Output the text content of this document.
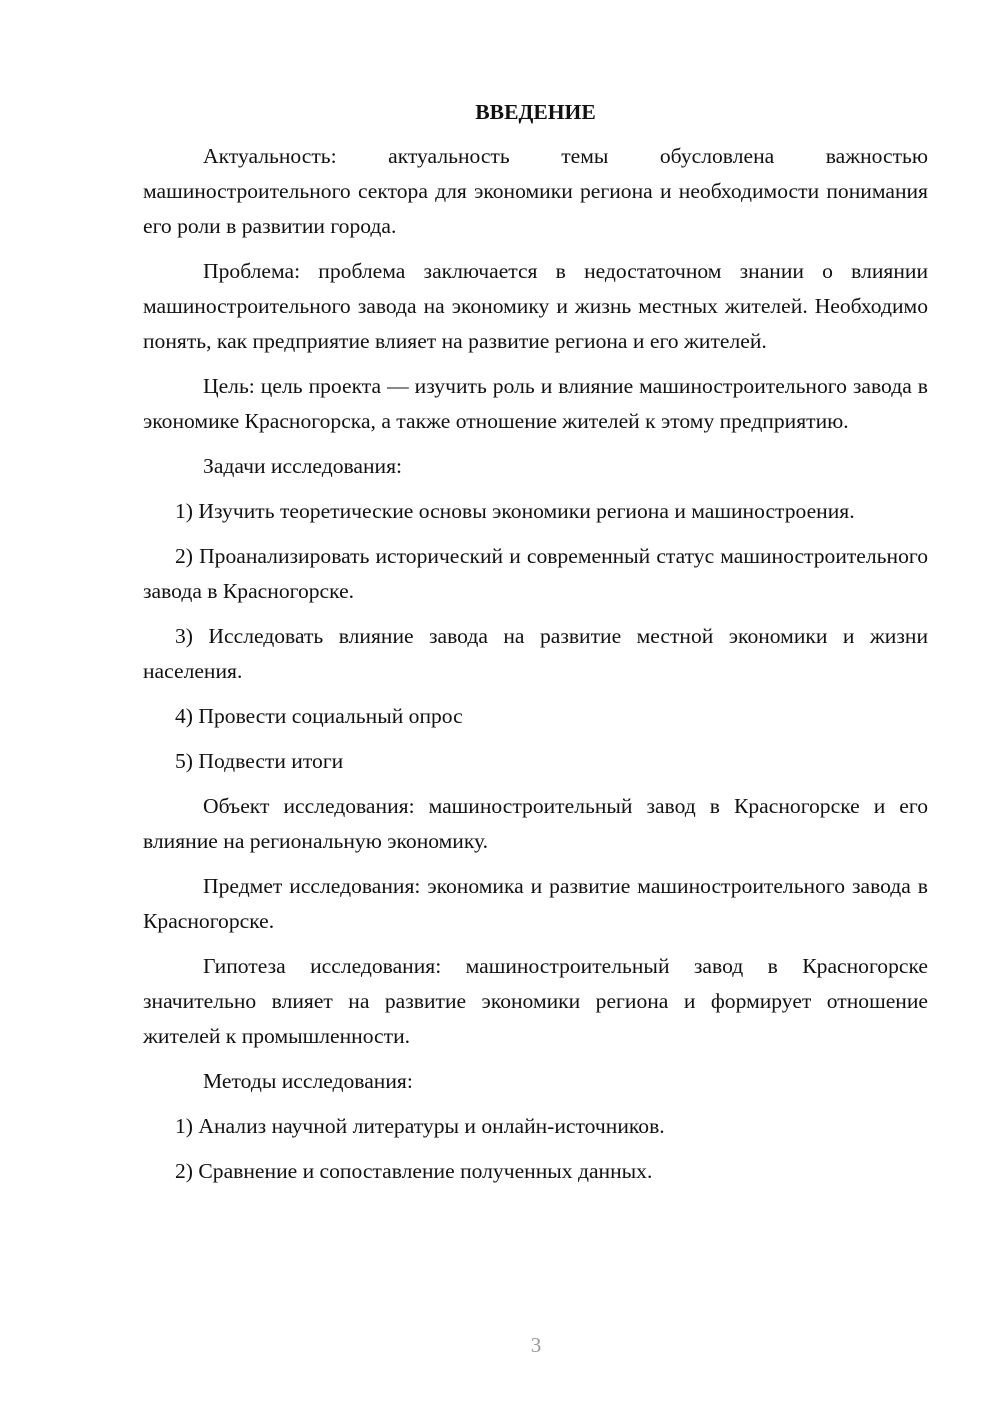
ВВЕДЕНИЕ

Актуальность: актуальность темы обусловлена важностью машиностроительного сектора для экономики региона и необходимости понимания его роли в развитии города.

Проблема: проблема заключается в недостаточном знании о влиянии машиностроительного завода на экономику и жизнь местных жителей. Необходимо понять, как предприятие влияет на развитие региона и его жителей.

Цель: цель проекта — изучить роль и влияние машиностроительного завода в экономике Красногорска, а также отношение жителей к этому предприятию.

Задачи исследования:

1) Изучить теоретические основы экономики региона и машиностроения.

2) Проанализировать исторический и современный статус машиностроительного завода в Красногорске.

3) Исследовать влияние завода на развитие местной экономики и жизни населения.

4) Провести социальный опрос

5) Подвести итоги

Объект исследования: машиностроительный завод в Красногорске и его влияние на региональную экономику.

Предмет исследования: экономика и развитие машиностроительного завода в Красногорске.

Гипотеза исследования: машиностроительный завод в Красногорске значительно влияет на развитие экономики региона и формирует отношение жителей к промышленности.

Методы исследования:

1) Анализ научной литературы и онлайн-источников.

2) Сравнение и сопоставление полученных данных.

3
